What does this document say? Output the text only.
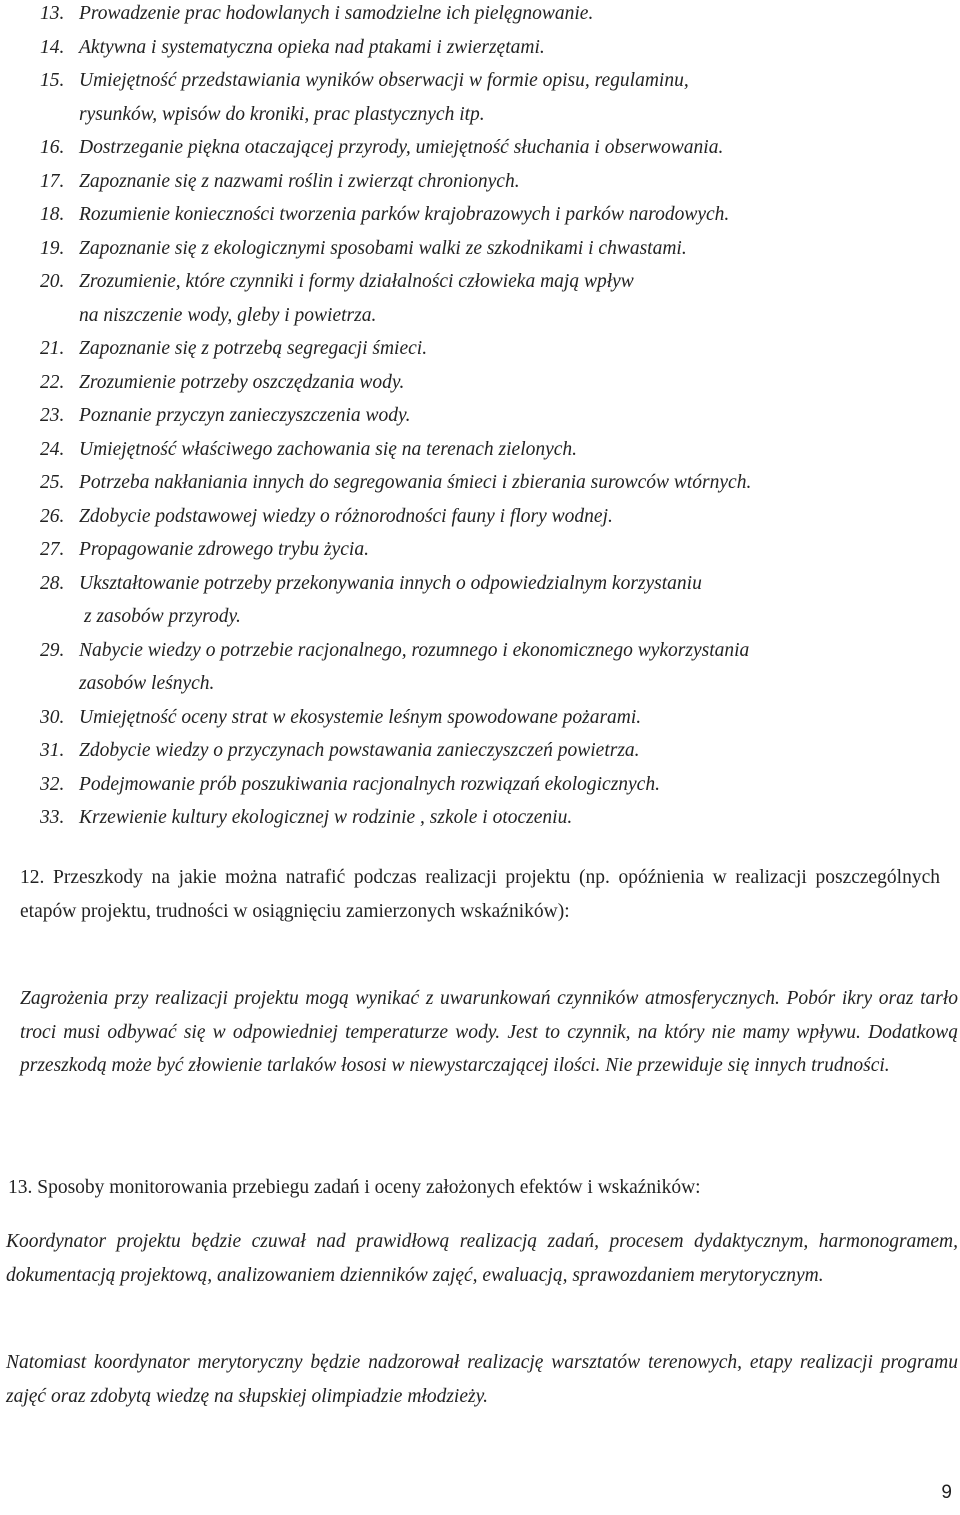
13. Prowadzenie prac hodowlanych i samodzielne ich pielęgnowanie.
14. Aktywna i systematyczna opieka nad ptakami i zwierzętami.
15. Umiejętność przedstawiania wyników obserwacji w formie opisu, regulaminu,
rysunków, wpisów do kroniki, prac plastycznych itp.
16. Dostrzeganie piękna otaczającej przyrody, umiejętność słuchania i obserwowania.
17. Zapoznanie się z nazwami roślin i zwierząt chronionych.
18. Rozumienie konieczności tworzenia parków krajobrazowych i parków narodowych.
19. Zapoznanie się z ekologicznymi sposobami walki ze szkodnikami i chwastami.
20. Zrozumienie, które czynniki i formy działalności człowieka mają wpływ
na niszczenie wody, gleby i powietrza.
21. Zapoznanie się z potrzebą segregacji śmieci.
22. Zrozumienie potrzeby oszczędzania wody.
23. Poznanie przyczyn zanieczyszczenia wody.
24. Umiejętność właściwego zachowania się na terenach zielonych.
25. Potrzeba nakłaniania innych do segregowania śmieci i zbierania surowców wtórnych.
26. Zdobycie podstawowej wiedzy o różnorodności fauny i flory wodnej.
27. Propagowanie zdrowego trybu życia.
28. Ukształtowanie potrzeby przekonywania innych o odpowiedzialnym korzystaniu
z zasobów przyrody.
29. Nabycie wiedzy o potrzebie racjonalnego, rozumnego i ekonomicznego wykorzystania
zasobów leśnych.
30. Umiejętność oceny strat w ekosystemie leśnym spowodowane pożarami.
31. Zdobycie wiedzy o przyczynach powstawania zanieczyszczeń powietrza.
32. Podejmowanie prób poszukiwania racjonalnych rozwiązań ekologicznych.
33. Krzewienie kultury ekologicznej w rodzinie , szkole i otoczeniu.
12. Przeszkody na jakie można natrafić podczas realizacji projektu (np. opóźnienia w realizacji poszczególnych etapów projektu, trudności w osiągnięciu zamierzonych wskaźników):
Zagrożenia przy realizacji projektu mogą wynikać z uwarunkowań czynników atmosferycznych. Pobór ikry oraz tarło troci musi odbywać się w odpowiedniej temperaturze wody. Jest to czynnik, na który nie mamy wpływu. Dodatkową przeszkodą może być złowienie tarlaków łososi w niewystarczającej ilości. Nie przewiduje się innych trudności.
13. Sposoby monitorowania przebiegu zadań i oceny założonych efektów i wskaźników:
Koordynator projektu będzie czuwał nad prawidłową realizacją zadań, procesem dydaktycznym, harmonogramem, dokumentacją projektową, analizowaniem dzienników zajęć, ewaluacją, sprawozdaniem merytorycznym.
Natomiast koordynator merytoryczny będzie nadzorował realizację warsztatów terenowych, etapy realizacji programu zajęć oraz zdobytą wiedzę na słupskiej olimpiadzie młodzieży.
9
